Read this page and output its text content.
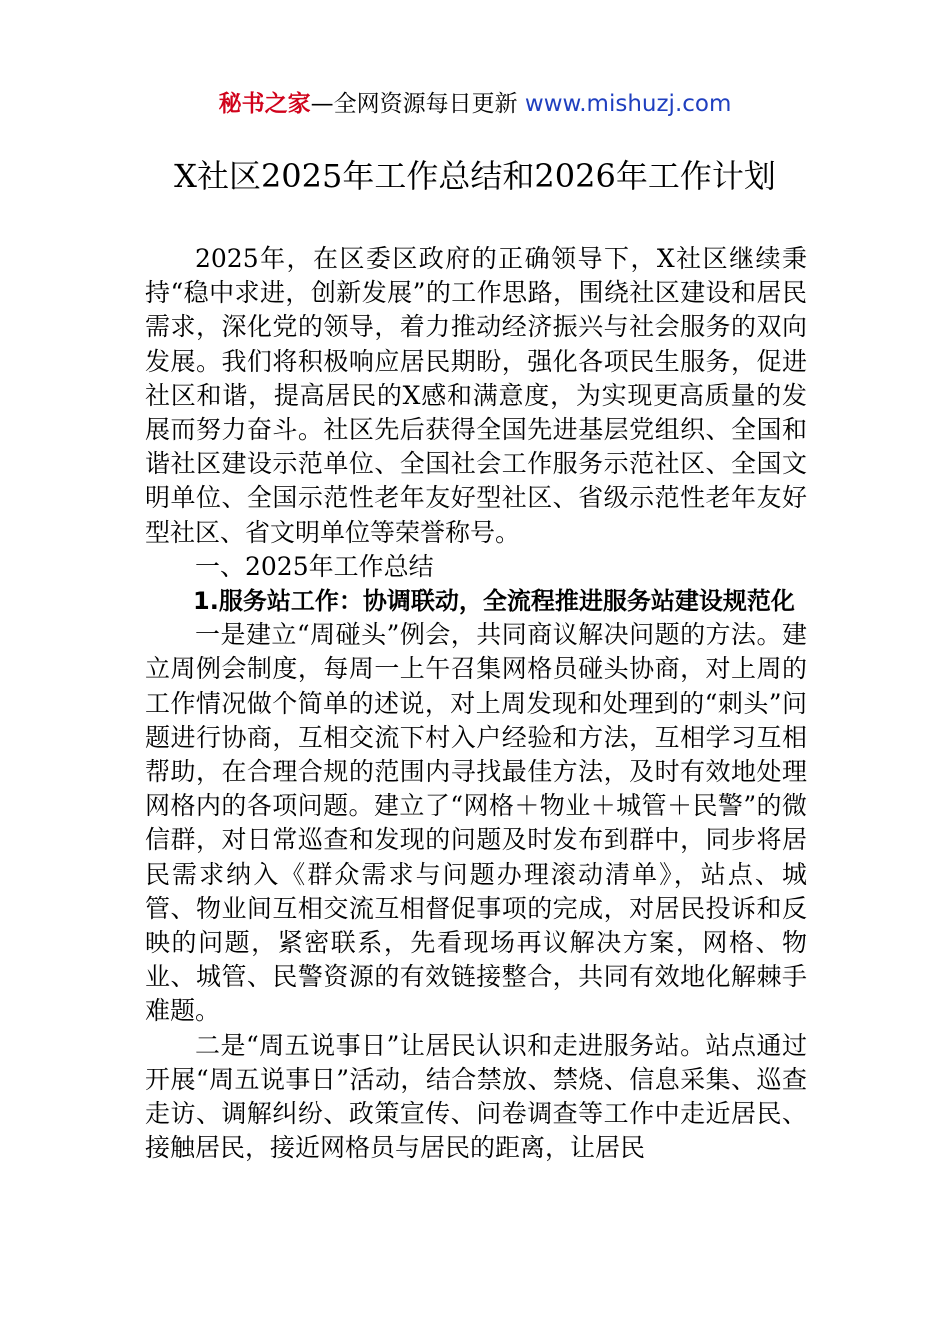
秘书之家—全网资源每日更新 www.mishuzj.com
X社区2025年工作总结和2026年工作计划

2025年，在区委区政府的正确领导下，X社区继续秉持“稳中求进，创新发展”的工作思路，围绕社区建设和居民需求，深化党的领导，着力推动经济振兴与社会服务的双向发展。我们将积极响应居民期盼，强化各项民生服务，促进社区和谐，提高居民的X感和满意度，为实现更高质量的发展而努力奋斗。社区先后获得全国先进基层党组织、全国和谐社区建设示范单位、全国社会工作服务示范社区、全国文明单位、全国示范性老年友好型社区、省级示范性老年友好型社区、省文明单位等荣誉称号。

一、2025年工作总结

1.服务站工作：协调联动，全流程推进服务站建设规范化

一是建立“周碰头”例会，共同商议解决问题的方法。建立周例会制度，每周一上午召集网格员碰头协商，对上周的工作情况做个简单的述说，对上周发现和处理到的“刺头”问题进行协商，互相交流下村入户经验和方法，互相学习互相帮助，在合理合规的范围内寻找最佳方法，及时有效地处理网格内的各项问题。建立了“网格＋物业＋城管＋民警”的微信群，对日常巡查和发现的问题及时发布到群中，同步将居民需求纳入《群众需求与问题办理滚动清单》，站点、城管、物业间互相交流互相督促事项的完成，对居民投诉和反映的问题，紧密联系，先看现场再议解决方案，网格、物业、城管、民警资源的有效链接整合，共同有效地化解棘手难题。

二是“周五说事日”让居民认识和走进服务站。站点通过开展“周五说事日”活动，结合禁放、禁烧、信息采集、巡查走访、调解纠纷、政策宣传、问卷调查等工作中走近居民、接触居民，接近网格员与居民的距离，让居民
